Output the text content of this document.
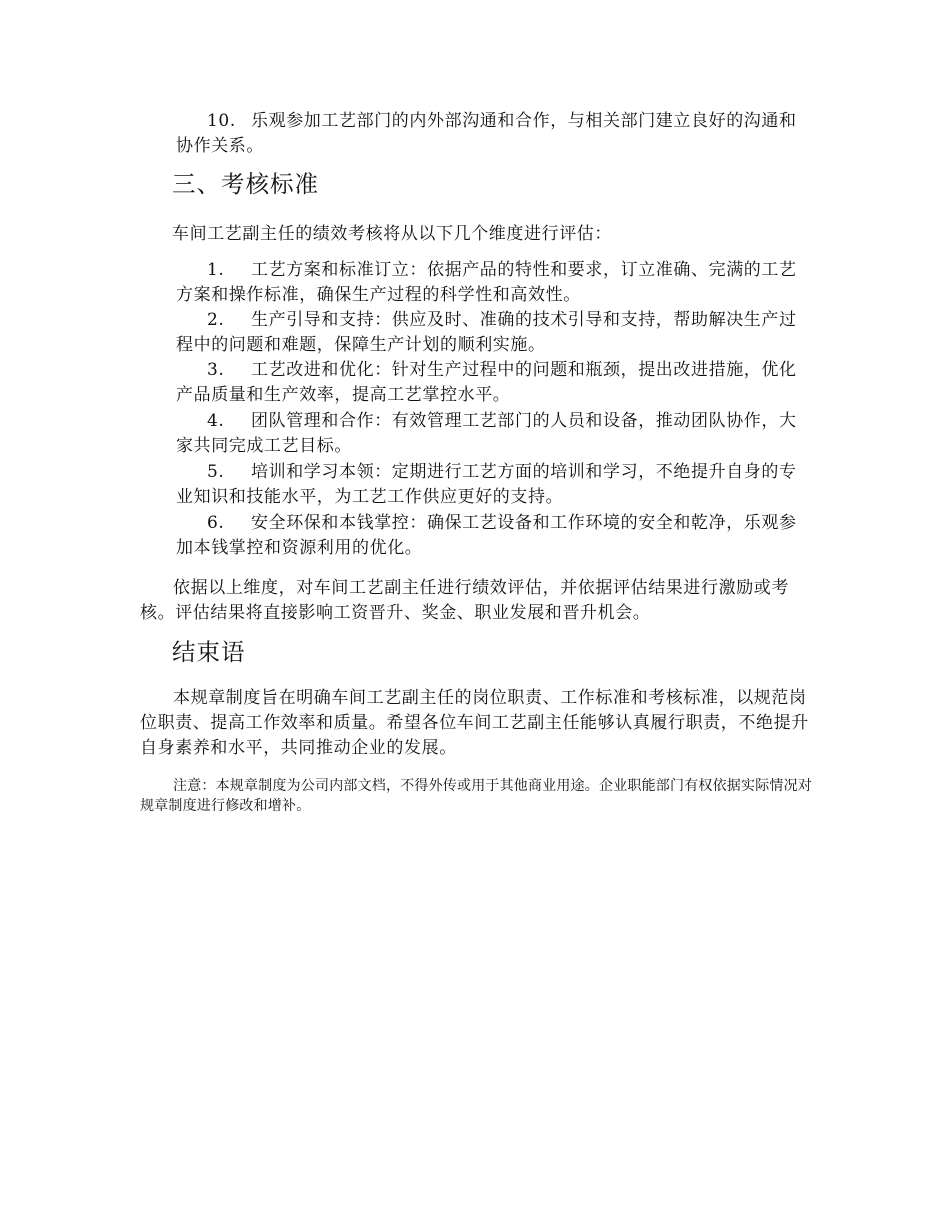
10. 乐观参加工艺部门的内外部沟通和合作，与相关部门建立良好的沟通和协作关系。
三、考核标准
车间工艺副主任的绩效考核将从以下几个维度进行评估：
1. 工艺方案和标准订立：依据产品的特性和要求，订立准确、完满的工艺方案和操作标准，确保生产过程的科学性和高效性。
2. 生产引导和支持：供应及时、准确的技术引导和支持，帮助解决生产过程中的问题和难题，保障生产计划的顺利实施。
3. 工艺改进和优化：针对生产过程中的问题和瓶颈，提出改进措施，优化产品质量和生产效率，提高工艺掌控水平。
4. 团队管理和合作：有效管理工艺部门的人员和设备，推动团队协作，大家共同完成工艺目标。
5. 培训和学习本领：定期进行工艺方面的培训和学习，不绝提升自身的专业知识和技能水平，为工艺工作供应更好的支持。
6. 安全环保和本钱掌控：确保工艺设备和工作环境的安全和乾净，乐观参加本钱掌控和资源利用的优化。
依据以上维度，对车间工艺副主任进行绩效评估，并依据评估结果进行激励或考核。评估结果将直接影响工资晋升、奖金、职业发展和晋升机会。
结束语
本规章制度旨在明确车间工艺副主任的岗位职责、工作标准和考核标准，以规范岗位职责、提高工作效率和质量。希望各位车间工艺副主任能够认真履行职责，不绝提升自身素养和水平，共同推动企业的发展。
注意：本规章制度为公司内部文档，不得外传或用于其他商业用途。企业职能部门有权依据实际情况对规章制度进行修改和增补。
